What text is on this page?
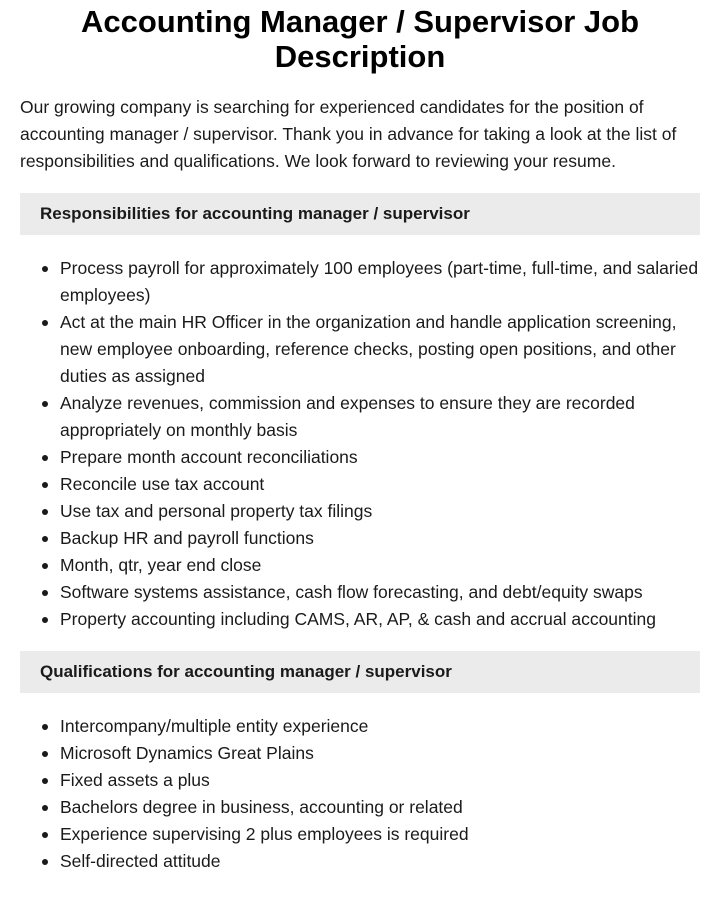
Accounting Manager / Supervisor Job Description

Our growing company is searching for experienced candidates for the position of accounting manager / supervisor. Thank you in advance for taking a look at the list of responsibilities and qualifications. We look forward to reviewing your resume.

Responsibilities for accounting manager / supervisor
Process payroll for approximately 100 employees (part-time, full-time, and salaried employees)
Act at the main HR Officer in the organization and handle application screening, new employee onboarding, reference checks, posting open positions, and other duties as assigned
Analyze revenues, commission and expenses to ensure they are recorded appropriately on monthly basis
Prepare month account reconciliations
Reconcile use tax account
Use tax and personal property tax filings
Backup HR and payroll functions
Month, qtr, year end close
Software systems assistance, cash flow forecasting, and debt/equity swaps
Property accounting including CAMS, AR, AP, & cash and accrual accounting
Qualifications for accounting manager / supervisor
Intercompany/multiple entity experience
Microsoft Dynamics Great Plains
Fixed assets a plus
Bachelors degree in business, accounting or related
Experience supervising 2 plus employees is required
Self-directed attitude
